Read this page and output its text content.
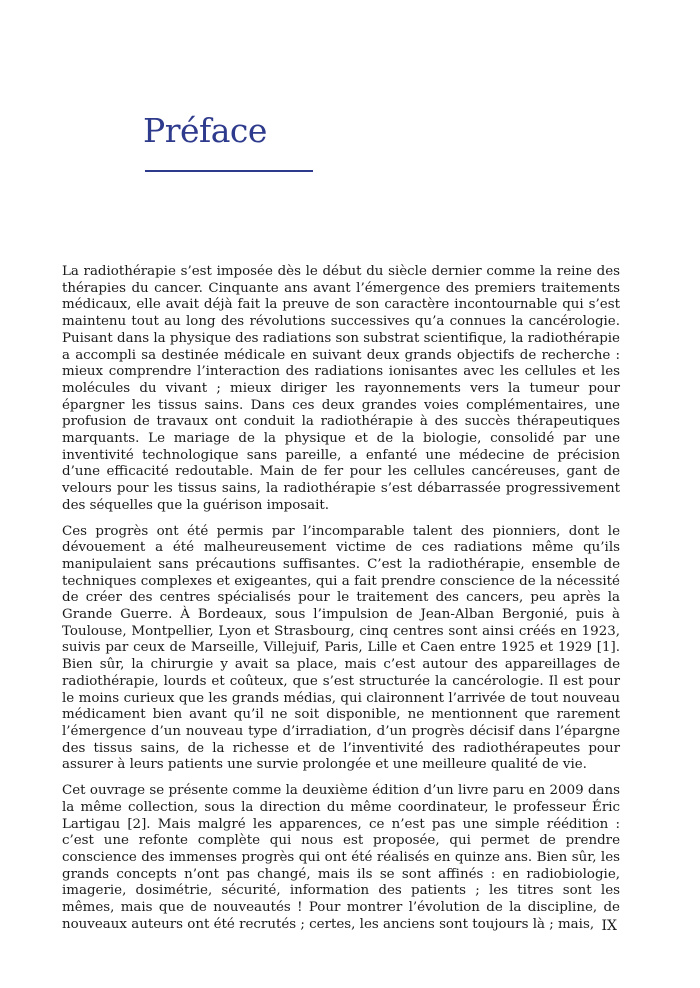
Préface

La radiothérapie s’est imposée dès le début du siècle dernier comme la reine des thérapies du cancer. Cinquante ans avant l’émergence des premiers traitements médicaux, elle avait déjà fait la preuve de son caractère incontournable qui s’est maintenu tout au long des révolutions successives qu’a connues la cancérologie. Puisant dans la physique des radiations son substrat scientifique, la radiothérapie a accompli sa destinée médicale en suivant deux grands objectifs de recherche : mieux comprendre l’interaction des radiations ionisantes avec les cellules et les molécules du vivant ; mieux diriger les rayonnements vers la tumeur pour épargner les tissus sains. Dans ces deux grandes voies complémentaires, une profusion de travaux ont conduit la radiothérapie à des succès thérapeutiques marquants. Le mariage de la physique et de la biologie, consolidé par une inventivité technologique sans pareille, a enfanté une médecine de précision d’une efficacité redoutable. Main de fer pour les cellules cancéreuses, gant de velours pour les tissus sains, la radiothérapie s’est débarrassée progressivement des séquelles que la guérison imposait.

Ces progrès ont été permis par l’incomparable talent des pionniers, dont le dévouement a été malheureusement victime de ces radiations même qu’ils manipulaient sans précautions suffisantes. C’est la radiothérapie, ensemble de techniques complexes et exigeantes, qui a fait prendre conscience de la nécessité de créer des centres spécialisés pour le traitement des cancers, peu après la Grande Guerre. À Bordeaux, sous l’impulsion de Jean-Alban Bergonié, puis à Toulouse, Montpellier, Lyon et Strasbourg, cinq centres sont ainsi créés en 1923, suivis par ceux de Marseille, Villejuif, Paris, Lille et Caen entre 1925 et 1929 [1]. Bien sûr, la chirurgie y avait sa place, mais c’est autour des appareillages de radiothérapie, lourds et coûteux, que s’est structurée la cancérologie. Il est pour le moins curieux que les grands médias, qui claironnent l’arrivée de tout nouveau médicament bien avant qu’il ne soit disponible, ne mentionnent que rarement l’émergence d’un nouveau type d’irradiation, d’un progrès décisif dans l’épargne des tissus sains, de la richesse et de l’inventivité des radiothérapeutes pour assurer à leurs patients une survie prolongée et une meilleure qualité de vie.

Cet ouvrage se présente comme la deuxième édition d’un livre paru en 2009 dans la même collection, sous la direction du même coordinateur, le professeur Éric Lartigau [2]. Mais malgré les apparences, ce n’est pas une simple réédition : c’est une refonte complète qui nous est proposée, qui permet de prendre conscience des immenses progrès qui ont été réalisés en quinze ans. Bien sûr, les grands concepts n’ont pas changé, mais ils se sont affinés : en radiobiologie, imagerie, dosimétrie, sécurité, information des patients ; les titres sont les mêmes, mais que de nouveautés ! Pour montrer l’évolution de la discipline, de nouveaux auteurs ont été recrutés ; certes, les anciens sont toujours là ; mais, IX
